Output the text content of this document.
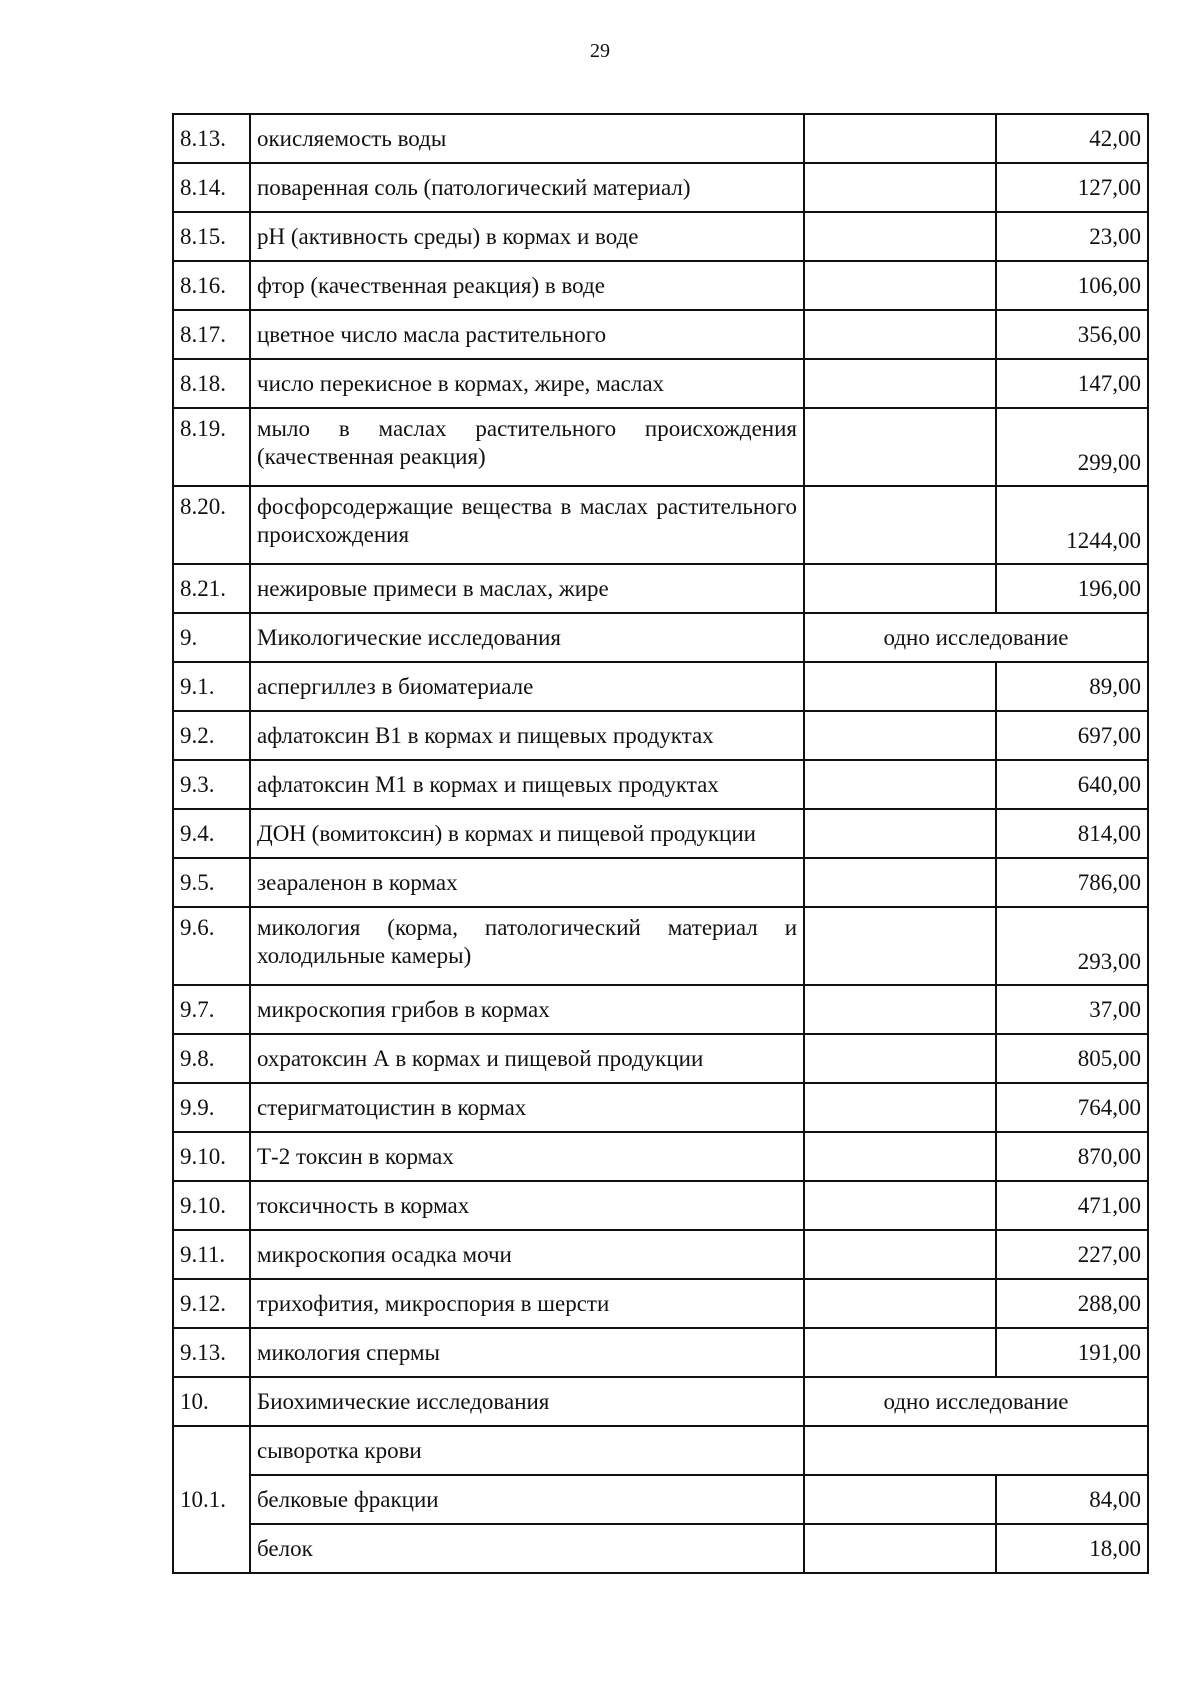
29
8.13.	окисляемость воды		42,00
8.14.	поваренная соль (патологический материал)		127,00
8.15.	pH (активность среды) в кормах и воде		23,00
8.16.	фтор (качественная реакция) в воде		106,00
8.17.	цветное число масла растительного		356,00
8.18.	число перекисное в кормах, жире, маслах		147,00
8.19.	мыло в маслах растительного происхождения (качественная реакция)		299,00
8.20.	фосфорсодержащие вещества в маслах растительного происхождения		1244,00
8.21.	нежировые примеси в маслах, жире		196,00
9.	Микологические исследования	одно исследование	
9.1.	аспергиллез в биоматериале		89,00
9.2.	афлатоксин В1 в кормах и пищевых продуктах		697,00
9.3.	афлатоксин М1 в кормах и пищевых продуктах		640,00
9.4.	ДОН (вомитоксин) в кормах и пищевой продукции		814,00
9.5.	зеараленон в кормах		786,00
9.6.	микология (корма, патологический материал и холодильные камеры)		293,00
9.7.	микроскопия грибов в кормах		37,00
9.8.	охратоксин А в кормах и пищевой продукции		805,00
9.9.	стеригматоцистин в кормах		764,00
9.10.	Т-2 токсин в кормах		870,00
9.10.	токсичность в кормах		471,00
9.11.	микроскопия осадка мочи		227,00
9.12.	трихофития, микроспория в шерсти		288,00
9.13.	микология спермы		191,00
10.	Биохимические исследования	одно исследование	
10.1.	сыворотка крови		
	белковые фракции		84,00
	белок		18,00
